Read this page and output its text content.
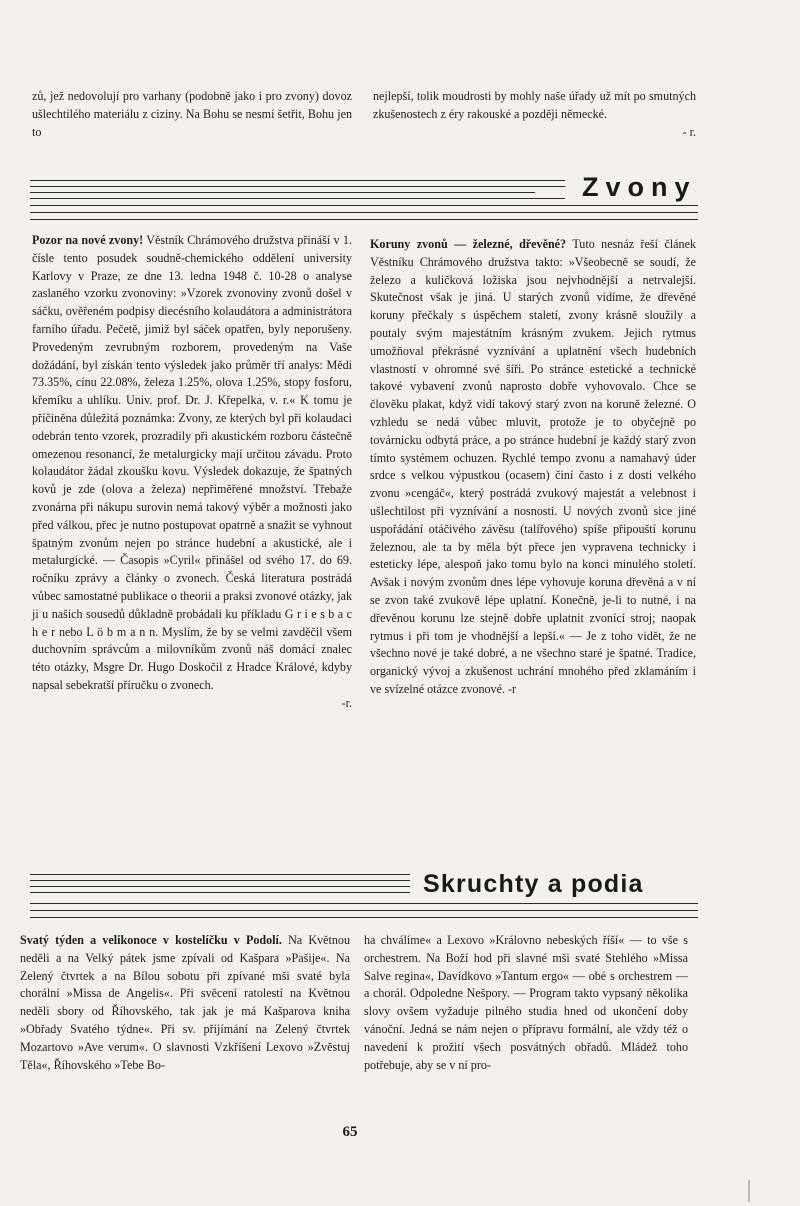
zů, jež nedovolují pro varhany (podobně jako i pro zvony) dovoz ušlechtilého materiálu z ciziny. Na Bohu se nesmí šetřit, Bohu jen to

nejlepší, tolik moudrosti by mohly naše úřady už mít po smutných zkušenostech z éry rakouské a později německé.

- r.
Zvony

Pozor na nové zvony! Věstník Chrámového družstva přináší v 1. čísle tento posudek soudně-chemického oddělení university Karlovy v Praze, ze dne 13. ledna 1948 č. 10-28 o analyse zaslaného vzorku zvonoviny: »Vzorek zvonoviny zvonů došel v sáčku, ověřeném podpisy diecésního kolaudátora a administrátora farního úřadu. Pečetě, jimiž byl sáček opatřen, byly neporušeny. Provedeným zevrubným rozborem, provedeným na Vaše dožádání, byl získán tento výsledek jako průměr tří analys: Mědi 73.35%, cínu 22.08%, železa 1.25%, olova 1.25%, stopy fosforu, křemíku a uhlíku. Univ. prof. Dr. J. Křepelka, v. r.« K tomu je příčiněna důležitá poznámka: Zvony, ze kterých byl při kolaudaci odebrán tento vzorek, prozradily při akustickém rozboru částečně omezenou resonancí, že metalurgicky mají určitou závadu. Proto kolaudátor žádal zkoušku kovu. Výsledek dokazuje, že špatných kovů je zde (olova a železa) nepřiměřené množství. Třebaže zvonárna při nákupu surovin nemá takový výběr a možnosti jako před válkou, přec je nutno postupovat opatrně a snažit se vyhnout špatným zvonům nejen po stránce hudební a akustické, ale i metalurgické. — Časopis »Cyril« přinášel od svého 17. do 69. ročníku zprávy a články o zvonech. Česká literatura postrádá vůbec samostatné publikace o theorii a praksi zvonové otázky, jak ji u našich sousedů důkladně probádali ku příkladu G r i e s b a c h e r nebo L ö b m a n n. Myslím, že by se velmi zavděčil všem duchovním správcům a milovníkům zvonů náš domácí znalec této otázky, Msgre Dr. Hugo Doskočil z Hradce Králové, kdyby napsal sebekratší příručku o zvonech.

-r.

Koruny zvonů — železné, dřevěné? Tuto nesnáz řeší článek Věstníku Chrámového družstva takto: »Všeobecně se soudí, že železo a kuličková ložiska jsou nejvhodnější a netrvalejší. Skutečnost však je jiná. U starých zvonů vidíme, že dřevěné koruny přečkaly s úspěchem staletí, zvony krásně sloužily a poutaly svým majestátním krásným zvukem. Jejich rytmus umožňoval překrásné vyznívání a uplatnění všech hudebních vlastností v ohromné své šíři. Po stránce estetické a technické takové vybavení zvonů naprosto dobře vyhovovalo. Chce se člověku plakat, když vidí takový starý zvon na koruně železné. O vzhledu se nedá vůbec mluvit, protože je to obyčejně po továrnicku odbytá práce, a po stránce hudební je každý starý zvon tímto systémem ochuzen. Rychlé tempo zvonu a namahavý úder srdce s velkou výpustkou (ocasem) činí často i z dosti velkého zvonu »cengáč«, který postrádá zvukový majestát a velebnost i ušlechtilost při vyznívání a nosnosti. U nových zvonů sice jiné uspořádání otáčivého závěsu (talířového) spíše připouští korunu železnou, ale ta by měla být přece jen vypravena technicky i esteticky lépe, alespoň jako tomu bylo na konci minulého století. Avšak i novým zvonům dnes lépe vyhovuje koruna dřevěná a v ní se zvon také zvukově lépe uplatní. Konečně, je-li to nutné, i na dřevěnou korunu lze stejně dobře uplatnit zvonící stroj; naopak rytmus i při tom je vhodnější a lepší.« — Je z toho vidět, že ne všechno nové je také dobré, a ne všechno staré je špatné. Tradice, organický vývoj a zkušenost uchrání mnohého před zklamáním i ve svízelné otázce zvonové. -r

Skruchty a podia

Svatý týden a velikonoce v kostelíčku v Podolí. Na Květnou neděli a na Velký pátek jsme zpívali od Kašpara »Pašije«. Na Zelený čtvrtek a na Bílou sobotu při zpívané mši svaté byla chorální »Missa de Angelis«. Při svěcení ratolestí na Květnou neděli sbory od Říhovského, tak jak je má Kašparova kniha »Obřady Svatého týdne«. Při sv. přijímání na Zelený čtvrtek Mozartovo »Ave verum«. O slavnosti Vzkříšení Lexovo »Zvěstuj Těla«, Říhovského »Tebe Bo-

ha chválíme« a Lexovo »Královno nebeských říší« — to vše s orchestrem. Na Boží hod při slavné mši svaté Stehlého »Missa Salve regina«, Davídkovo »Tantum ergo« — obé s orchestrem — a chorál. Odpoledne Nešpory. — Program takto vypsaný několika slovy ovšem vyžaduje pilného studia hned od ukončení doby vánoční. Jedná se nám nejen o přípravu formální, ale vždy též o navedení k prožití všech posvátných obřadů. Mládež toho potřebuje, aby se v ní pro-

65
